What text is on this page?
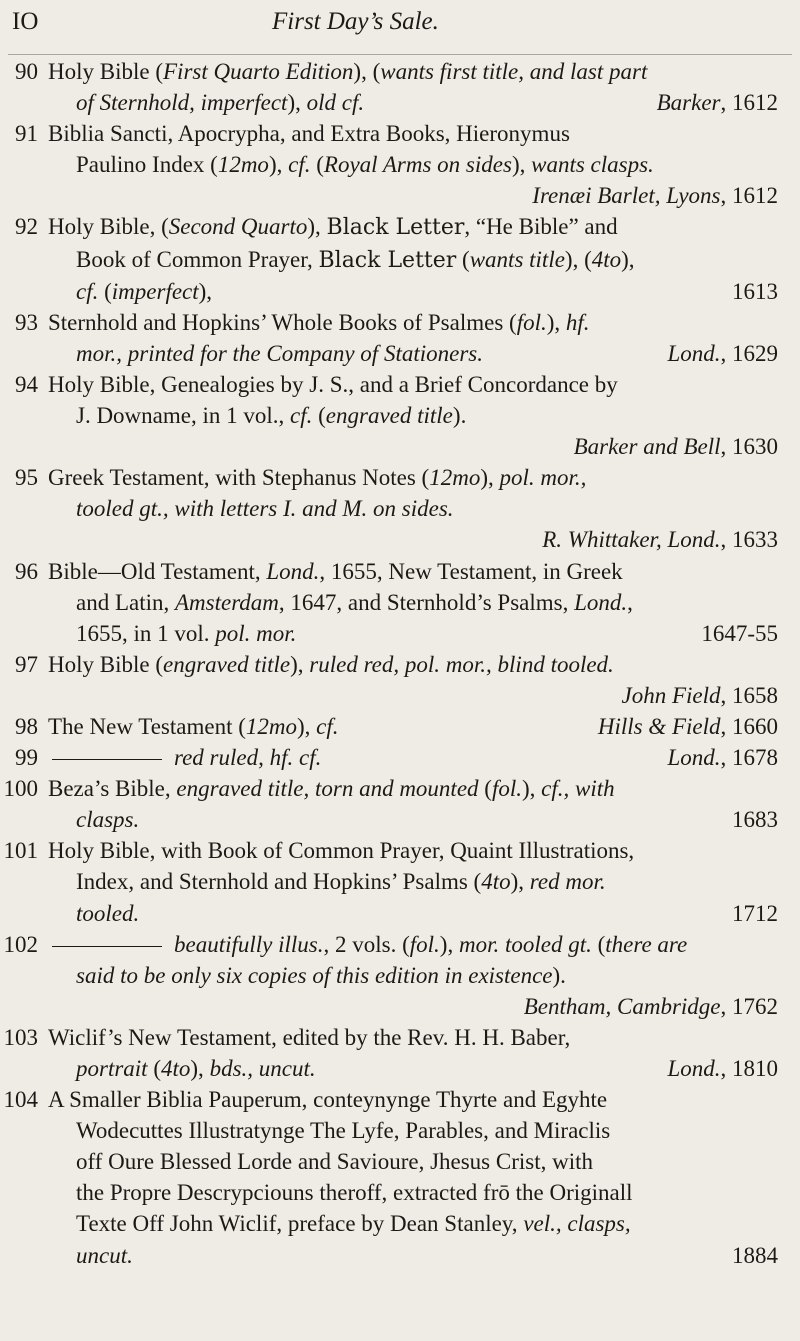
IO	First Day’s Sale.
90 Holy Bible (First Quarto Edition), (wants first title, and last part
of Sternhold, imperfect), old cf.	Barker, 1612
91 Biblia Sancti, Apocrypha, and Extra Books, Hieronymus
Paulino Index (12mo), cf. (Royal Arms on sides), wants clasps.
Irenæi Barlet, Lyons, 1612
92 Holy Bible, (Second Quarto), Black Letter, “He Bible” and
Book of Common Prayer, Black Letter (wants title), (4to),
cf. (imperfect),	1613
93 Sternhold and Hopkins’ Whole Books of Psalmes (fol.), hf.
mor., printed for the Company of Stationers.	Lond., 1629
94 Holy Bible, Genealogies by J. S., and a Brief Concordance by
J. Downame, in 1 vol., cf. (engraved title).
Barker and Bell, 1630
95 Greek Testament, with Stephanus Notes (12mo), pol. mor.,
tooled gt., with letters I. and M. on sides.
R. Whittaker, Lond., 1633
96 Bible—Old Testament, Lond., 1655, New Testament, in Greek
and Latin, Amsterdam, 1647, and Sternhold’s Psalms, Lond.,
1655, in 1 vol. pol. mor.	1647-55
97 Holy Bible (engraved title), ruled red, pol. mor., blind tooled.
John Field, 1658
98 The New Testament (12mo), cf.	Hills & Field, 1660
99	red ruled, hf. cf.	Lond., 1678
100 Beza’s Bible, engraved title, torn and mounted (fol.), cf., with
clasps.	1683
101 Holy Bible, with Book of Common Prayer, Quaint Illustrations,
Index, and Sternhold and Hopkins’ Psalms (4to), red mor.
tooled.	1712
102	beautifully illus., 2 vols. (fol.), mor. tooled gt. (there are
said to be only six copies of this edition in existence).
Bentham, Cambridge, 1762
103 Wiclif’s New Testament, edited by the Rev. H. H. Baber,
portrait (4to), bds., uncut.	Lond., 1810
104 A Smaller Biblia Pauperum, conteynynge Thyrte and Egyhte
Wodecuttes Illustratynge The Lyfe, Parables, and Miraclis
off Oure Blessed Lorde and Savioure, Jhesus Crist, with
the Propre Descrypciouns theroff, extracted frō the Originall
Texte Off John Wiclif, preface by Dean Stanley, vel., clasps,
uncut.	1884
